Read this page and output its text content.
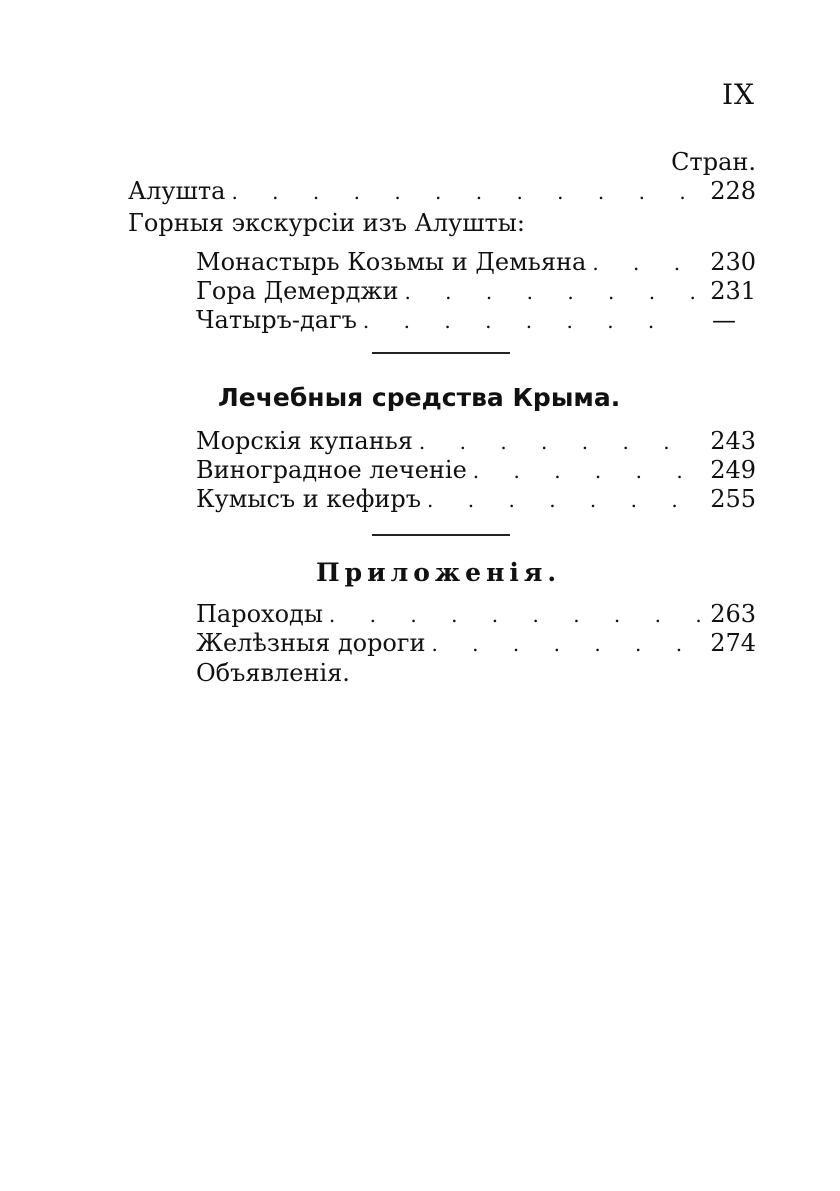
IX
Стран.
Алушта . . .	228
Горныя экскурсіи изъ Алушты:
Монастырь Козьмы и Демьяна . . .	230
Гора Демерджи . . .	231
Чатыръ-дагъ . . .	—
Лечебныя средства Крыма.
Морскія купанья . . .	243
Виноградное леченіе . . .	249
Кумысъ и кефиръ . . .	255
Приложенія.
Пароходы . . .	263
Желѣзныя дороги . . .	274
Объявленія.
